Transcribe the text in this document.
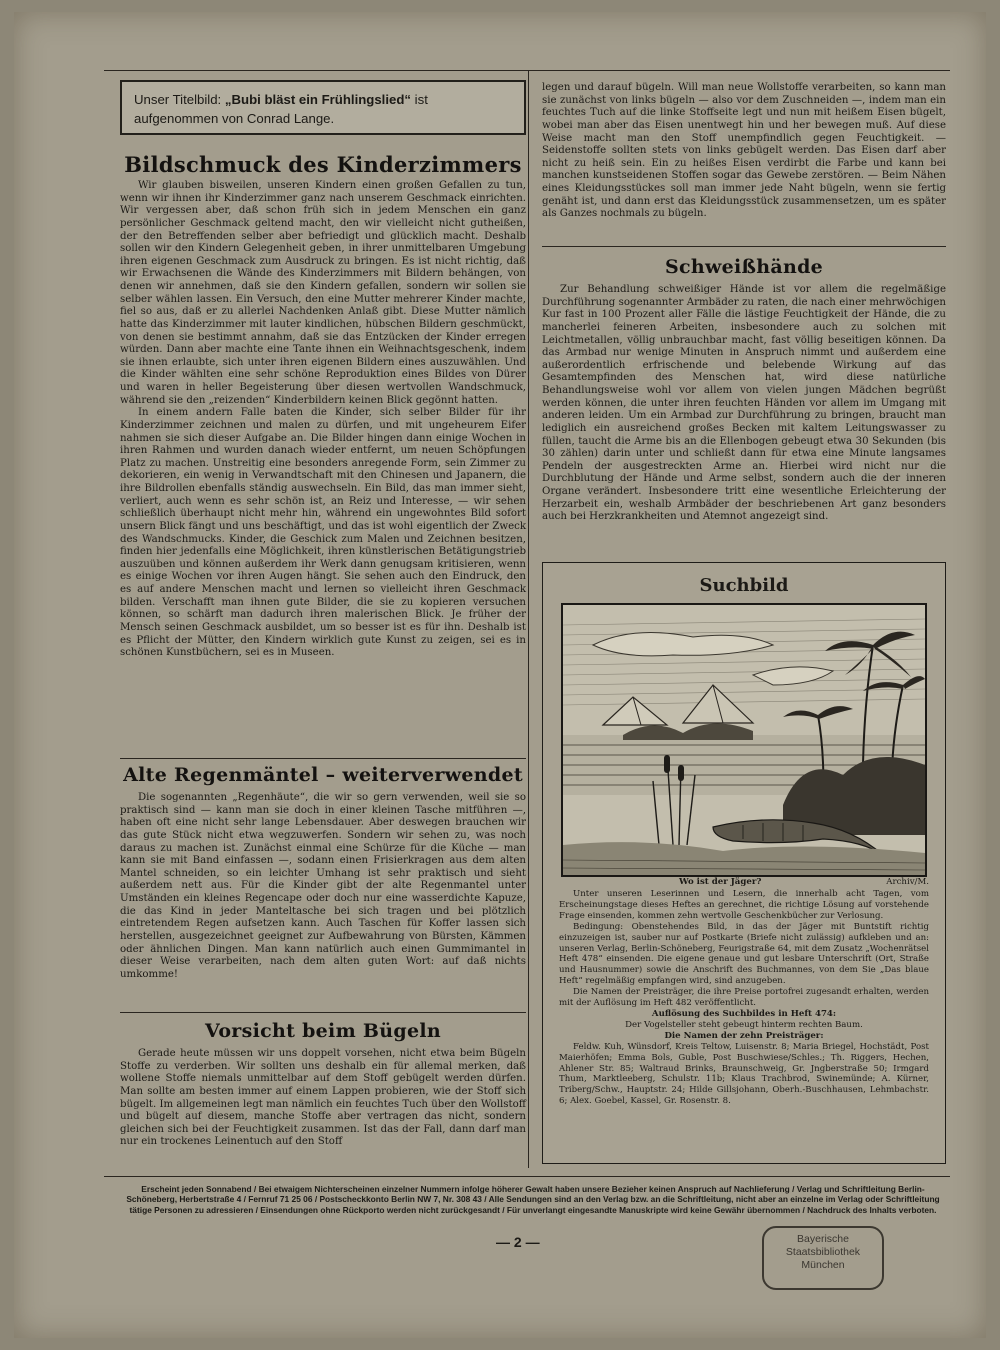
Unser Titelbild: „Bubi bläst ein Frühlingslied“ ist aufgenommen von Conrad Lange.
Bildschmuck des Kinderzimmers

Wir glauben bisweilen, unseren Kindern einen großen Gefallen zu tun, wenn wir ihnen ihr Kinderzimmer ganz nach unserem Geschmack einrichten. Wir vergessen aber, daß schon früh sich in jedem Menschen ein ganz persönlicher Geschmack geltend macht, den wir vielleicht nicht gutheißen, der den Betreffenden selber aber befriedigt und glücklich macht. Deshalb sollen wir den Kindern Gelegenheit geben, in ihrer unmittelbaren Umgebung ihren eigenen Geschmack zum Ausdruck zu bringen. Es ist nicht richtig, daß wir Erwachsenen die Wände des Kinderzimmers mit Bildern behängen, von denen wir annehmen, daß sie den Kindern gefallen, sondern wir sollen sie selber wählen lassen. Ein Versuch, den eine Mutter mehrerer Kinder machte, fiel so aus, daß er zu allerlei Nachdenken Anlaß gibt. Diese Mutter nämlich hatte das Kinderzimmer mit lauter kindlichen, hübschen Bildern geschmückt, von denen sie bestimmt annahm, daß sie das Entzücken der Kinder erregen würden. Dann aber machte eine Tante ihnen ein Weihnachtsgeschenk, indem sie ihnen erlaubte, sich unter ihren eigenen Bildern eines auszuwählen. Und die Kinder wählten eine sehr schöne Reproduktion eines Bildes von Dürer und waren in heller Begeisterung über diesen wertvollen Wandschmuck, während sie den „reizenden“ Kinderbildern keinen Blick gegönnt hatten.

In einem andern Falle baten die Kinder, sich selber Bilder für ihr Kinderzimmer zeichnen und malen zu dürfen, und mit ungeheurem Eifer nahmen sie sich dieser Aufgabe an. Die Bilder hingen dann einige Wochen in ihren Rahmen und wurden danach wieder entfernt, um neuen Schöpfungen Platz zu machen. Unstreitig eine besonders anregende Form, sein Zimmer zu dekorieren, ein wenig in Verwandtschaft mit den Chinesen und Japanern, die ihre Bildrollen ebenfalls ständig auswechseln. Ein Bild, das man immer sieht, verliert, auch wenn es sehr schön ist, an Reiz und Interesse, — wir sehen schließlich überhaupt nicht mehr hin, während ein ungewohntes Bild sofort unsern Blick fängt und uns beschäftigt, und das ist wohl eigentlich der Zweck des Wandschmucks. Kinder, die Geschick zum Malen und Zeichnen besitzen, finden hier jedenfalls eine Möglichkeit, ihren künstlerischen Betätigungstrieb auszuüben und können außerdem ihr Werk dann genugsam kritisieren, wenn es einige Wochen vor ihren Augen hängt. Sie sehen auch den Eindruck, den es auf andere Menschen macht und lernen so vielleicht ihren Geschmack bilden. Verschafft man ihnen gute Bilder, die sie zu kopieren versuchen können, so schärft man dadurch ihren malerischen Blick. Je früher der Mensch seinen Geschmack ausbildet, um so besser ist es für ihn. Deshalb ist es Pflicht der Mütter, den Kindern wirklich gute Kunst zu zeigen, sei es in schönen Kunstbüchern, sei es in Museen.

Alte Regenmäntel – weiterverwendet

Die sogenannten „Regenhäute“, die wir so gern verwenden, weil sie so praktisch sind — kann man sie doch in einer kleinen Tasche mitführen —, haben oft eine nicht sehr lange Lebensdauer. Aber deswegen brauchen wir das gute Stück nicht etwa wegzuwerfen. Sondern wir sehen zu, was noch daraus zu machen ist. Zunächst einmal eine Schürze für die Küche — man kann sie mit Band einfassen —, sodann einen Frisierkragen aus dem alten Mantel schneiden, so ein leichter Umhang ist sehr praktisch und sieht außerdem nett aus. Für die Kinder gibt der alte Regenmantel unter Umständen ein kleines Regencape oder doch nur eine wasserdichte Kapuze, die das Kind in jeder Manteltasche bei sich tragen und bei plötzlich eintretendem Regen aufsetzen kann. Auch Taschen für Koffer lassen sich herstellen, ausgezeichnet geeignet zur Aufbewahrung von Bürsten, Kämmen oder ähnlichen Dingen. Man kann natürlich auch einen Gummimantel in dieser Weise verarbeiten, nach dem alten guten Wort: auf daß nichts umkomme!

Vorsicht beim Bügeln

Gerade heute müssen wir uns doppelt vorsehen, nicht etwa beim Bügeln Stoffe zu verderben. Wir sollten uns deshalb ein für allemal merken, daß wollene Stoffe niemals unmittelbar auf dem Stoff gebügelt werden dürfen. Man sollte am besten immer auf einem Lappen probieren, wie der Stoff sich bügelt. Im allgemeinen legt man nämlich ein feuchtes Tuch über den Wollstoff und bügelt auf diesem, manche Stoffe aber vertragen das nicht, sondern gleichen sich bei der Feuchtigkeit zusammen. Ist das der Fall, dann darf man nur ein trockenes Leinentuch auf den Stoff

legen und darauf bügeln. Will man neue Wollstoffe verarbeiten, so kann man sie zunächst von links bügeln — also vor dem Zuschneiden —, indem man ein feuchtes Tuch auf die linke Stoffseite legt und nun mit heißem Eisen bügelt, wobei man aber das Eisen unentwegt hin und her bewegen muß. Auf diese Weise macht man den Stoff unempfindlich gegen Feuchtigkeit. — Seidenstoffe sollten stets von links gebügelt werden. Das Eisen darf aber nicht zu heiß sein. Ein zu heißes Eisen verdirbt die Farbe und kann bei manchen kunstseidenen Stoffen sogar das Gewebe zerstören. — Beim Nähen eines Kleidungsstückes soll man immer jede Naht bügeln, wenn sie fertig genäht ist, und dann erst das Kleidungsstück zusammensetzen, um es später als Ganzes nochmals zu bügeln.

Schweißhände

Zur Behandlung schweißiger Hände ist vor allem die regelmäßige Durchführung sogenannter Armbäder zu raten, die nach einer mehrwöchigen Kur fast in 100 Prozent aller Fälle die lästige Feuchtigkeit der Hände, die zu mancherlei feineren Arbeiten, insbesondere auch zu solchen mit Leichtmetallen, völlig unbrauchbar macht, fast völlig beseitigen können. Da das Armbad nur wenige Minuten in Anspruch nimmt und außerdem eine außerordentlich erfrischende und belebende Wirkung auf das Gesamtempfinden des Menschen hat, wird diese natürliche Behandlungsweise wohl vor allem von vielen jungen Mädchen begrüßt werden können, die unter ihren feuchten Händen vor allem im Umgang mit anderen leiden. Um ein Armbad zur Durchführung zu bringen, braucht man lediglich ein ausreichend großes Becken mit kaltem Leitungswasser zu füllen, taucht die Arme bis an die Ellenbogen gebeugt etwa 30 Sekunden (bis 30 zählen) darin unter und schließt dann für etwa eine Minute langsames Pendeln der ausgestreckten Arme an. Hierbei wird nicht nur die Durchblutung der Hände und Arme selbst, sondern auch die der inneren Organe verändert. Insbesondere tritt eine wesentliche Erleichterung der Herzarbeit ein, weshalb Armbäder der beschriebenen Art ganz besonders auch bei Herzkrankheiten und Atemnot angezeigt sind.

Suchbild
Wo ist der Jäger?	Archiv/M.

Unter unseren Leserinnen und Lesern, die innerhalb acht Tagen, vom Erscheinungstage dieses Heftes an gerechnet, die richtige Lösung auf vorstehende Frage einsenden, kommen zehn wertvolle Geschenkbücher zur Verlosung.

Bedingung: Obenstehendes Bild, in das der Jäger mit Buntstift richtig einzuzeigen ist, sauber nur auf Postkarte (Briefe nicht zulässig) aufkleben und an: unseren Verlag, Berlin-Schöneberg, Feurigstraße 64, mit dem Zusatz „Wochenrätsel Heft 478“ einsenden. Die eigene genaue und gut lesbare Unterschrift (Ort, Straße und Hausnummer) sowie die Anschrift des Buchmannes, von dem Sie „Das blaue Heft“ regelmäßig empfangen wird, sind anzugeben.

Die Namen der Preisträger, die ihre Preise portofrei zugesandt erhalten, werden mit der Auflösung im Heft 482 veröffentlicht.

Auflösung des Suchbildes in Heft 474:

Der Vogelsteller steht gebeugt hinterm rechten Baum.

Die Namen der zehn Preisträger:

Feldw. Kuh, Wünsdorf, Kreis Teltow, Luisenstr. 8; Maria Briegel, Hochstädt, Post Maierhöfen; Emma Bols, Guble, Post Buschwiese/Schles.; Th. Riggers, Hechen, Ahlener Str. 85; Waltraud Brinks, Braunschweig, Gr. Jngberstraße 50; Irmgard Thum, Marktleeberg, Schulstr. 11b; Klaus Trachbrod, Swinemünde; A. Kürner, Triberg/Schw., Hauptstr. 24; Hilde Gillsjohann, Oberh.-Buschhausen, Lehmbachstr. 6; Alex. Goebel, Kassel, Gr. Rosenstr. 8.

Erscheint jeden Sonnabend / Bei etwaigem Nichterscheinen einzelner Nummern infolge höherer Gewalt haben unsere Bezieher keinen Anspruch auf Nachlieferung / Verlag und Schriftleitung Berlin-Schöneberg, Herbertstraße 4 / Fernruf 71 25 06 / Postscheckkonto Berlin NW 7, Nr. 308 43 / Alle Sendungen sind an den Verlag bzw. an die Schriftleitung, nicht aber an einzelne im Verlag oder Schriftleitung tätige Personen zu adressieren / Einsendungen ohne Rückporto werden nicht zurückgesandt / Für unverlangt eingesandte Manuskripte wird keine Gewähr übernommen / Nachdruck des Inhalts verboten.
— 2 —	Bayerische
Staatsbibliothek
München
